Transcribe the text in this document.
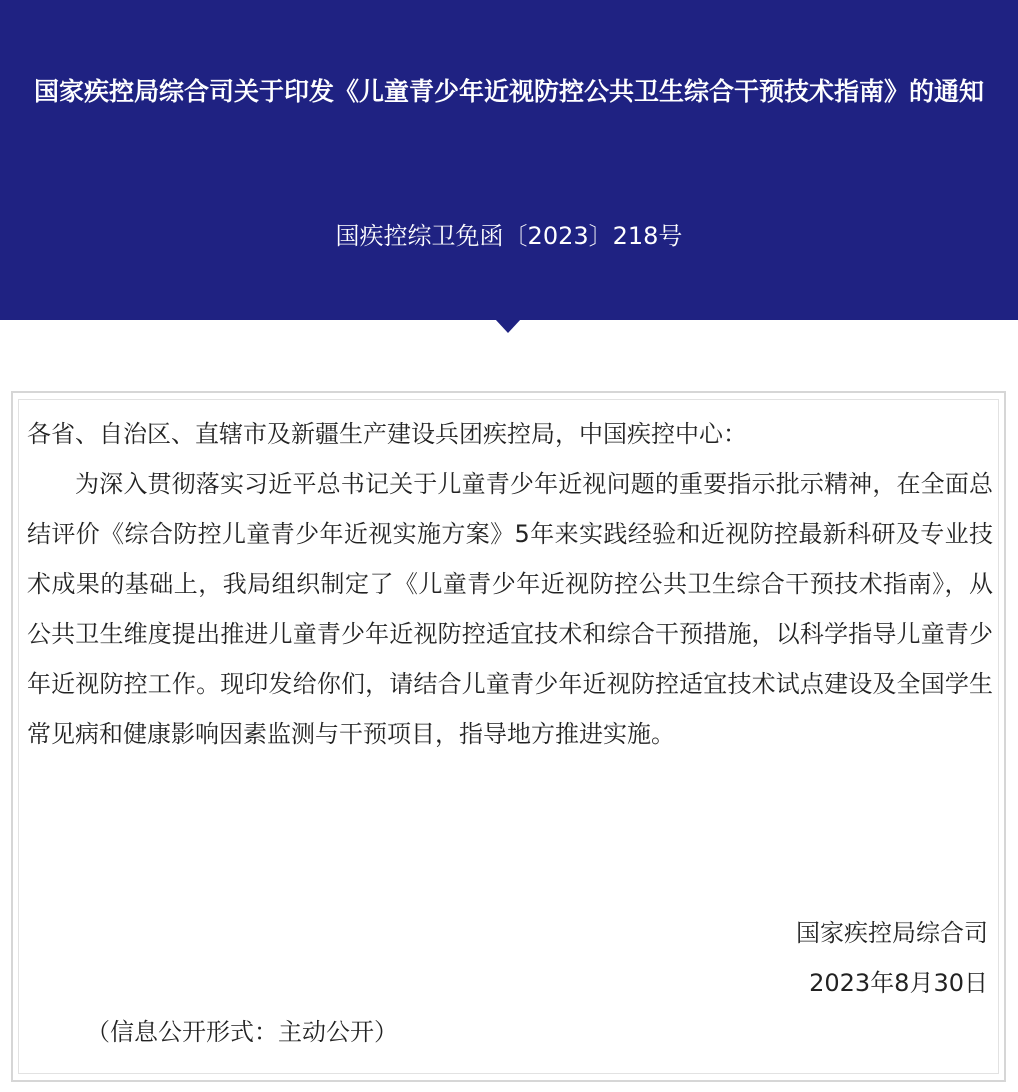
国家疾控局综合司关于印发《儿童青少年近视防控公共卫生综合干预技术指南》的通知

国疾控综卫免函〔2023〕218号

各省、自治区、直辖市及新疆生产建设兵团疾控局，中国疾控中心：

为深入贯彻落实习近平总书记关于儿童青少年近视问题的重要指示批示精神，在全面总结评价《综合防控儿童青少年近视实施方案》5年来实践经验和近视防控最新科研及专业技术成果的基础上，我局组织制定了《儿童青少年近视防控公共卫生综合干预技术指南》，从公共卫生维度提出推进儿童青少年近视防控适宜技术和综合干预措施，以科学指导儿童青少年近视防控工作。现印发给你们，请结合儿童青少年近视防控适宜技术试点建设及全国学生常见病和健康影响因素监测与干预项目，指导地方推进实施。

国家疾控局综合司
2023年8月30日

（信息公开形式：主动公开）
